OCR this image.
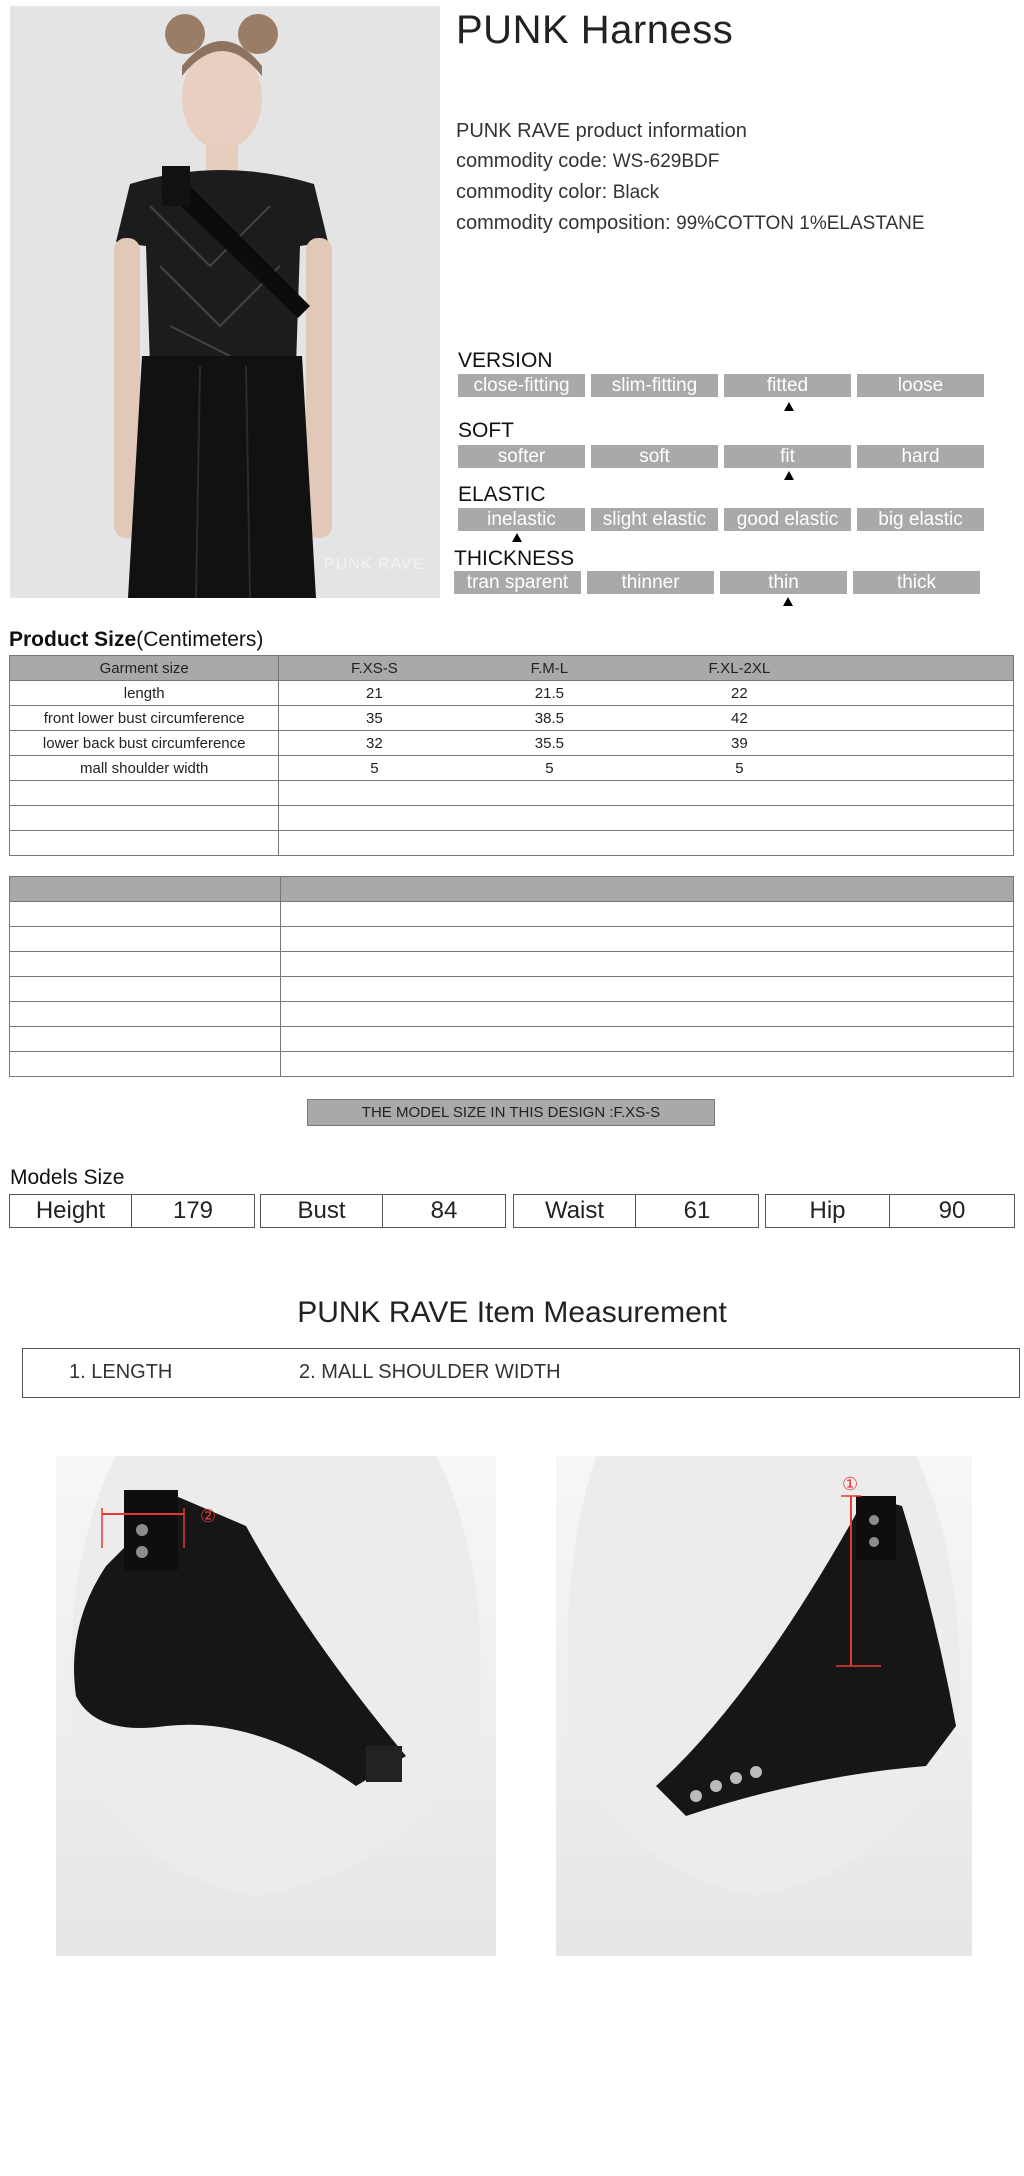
PUNK RAVE
PUNK Harness
PUNK RAVE product information
commodity code: WS-629BDF
commodity color: Black
commodity composition: 99%COTTON 1%ELASTANE
VERSION
close-fitting	slim-fitting	fitted	loose
SOFT
softer	soft	fit	hard
ELASTIC
inelastic	slight elastic	good elastic	big elastic
THICKNESS
tran sparent	thinner	thin	thick
Product Size(Centimeters)
Garment size	F.XS-S F.M-L F.XL-2XL

length	21 21.5 22

front lower bust circumference	35 38.5 42

lower back bust circumference	32 35.5 39

mall shoulder width	5 5 5

THE MODEL SIZE IN THIS DESIGN :F.XS-S
Models Size
Height	179	Bust	84	Waist	61	Hip	90
PUNK RAVE Item Measurement
1. LENGTH	2. MALL SHOULDER WIDTH
②
①
